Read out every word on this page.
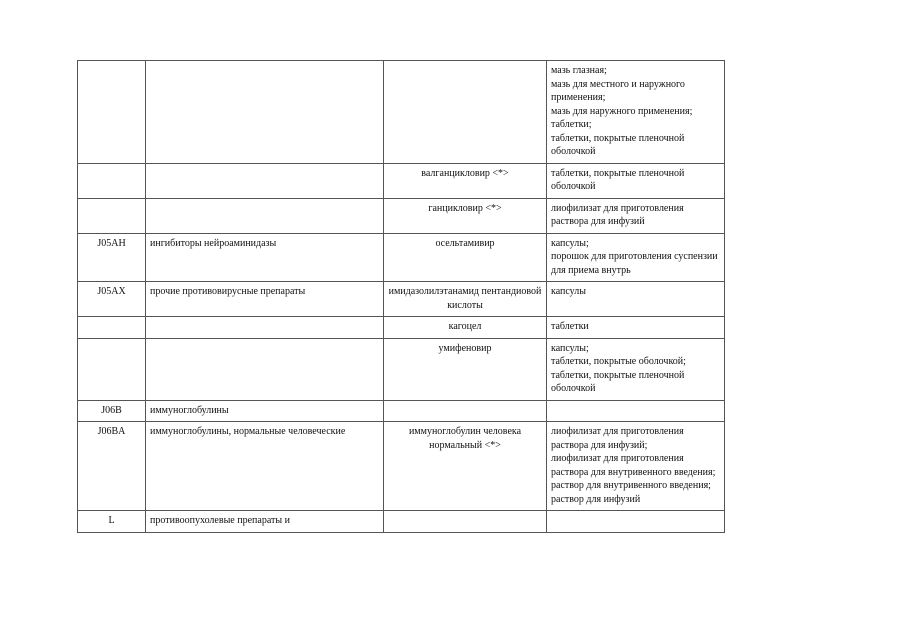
			мазь глазная;
мазь для местного и наружного применения;
мазь для наружного применения;
таблетки;
таблетки, покрытые пленочной оболочкой

		валганцикловир <*>	таблетки, покрытые пленочной оболочкой

		ганцикловир <*>	лиофилизат для приготовления раствора для инфузий

J05AH	ингибиторы нейроаминидазы	осельтамивир	капсулы;
порошок для приготовления суспензии для приема внутрь

J05AX	прочие противовирусные препараты	имидазолилэтанамид пентандиовой кислоты	капсулы

		кагоцел	таблетки

		умифеновир	капсулы;
таблетки, покрытые оболочкой;
таблетки, покрытые пленочной оболочкой

J06B	иммуноглобулины		
J06BA	иммуноглобулины, нормальные человеческие	иммуноглобулин человека нормальный <*>	лиофилизат для приготовления раствора для инфузий;
лиофилизат для приготовления раствора для внутривенного введения;
раствор для внутривенного введения;
раствор для инфузий

L	противоопухолевые препараты и		
